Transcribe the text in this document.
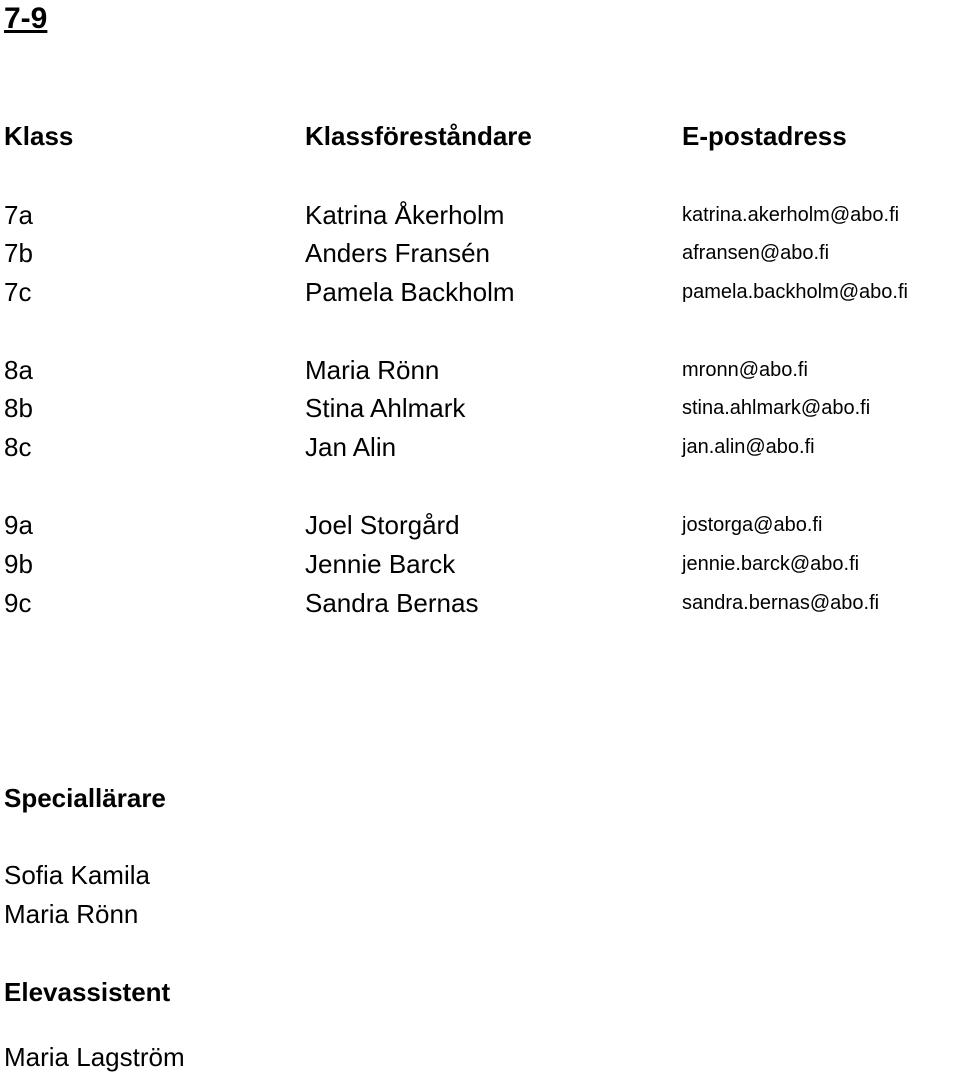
7-9
Klass	Klassföreståndare	E-postadress
7a	Katrina Åkerholm	katrina.akerholm@abo.fi
7b	Anders Fransén	afransen@abo.fi
7c	Pamela Backholm	pamela.backholm@abo.fi
8a	Maria Rönn	mronn@abo.fi
8b	Stina Ahlmark	stina.ahlmark@abo.fi
8c	Jan Alin	jan.alin@abo.fi
9a	Joel Storgård	jostorga@abo.fi
9b	Jennie Barck	jennie.barck@abo.fi
9c	Sandra Bernas	sandra.bernas@abo.fi
Speciallärare
Sofia Kamila
Maria Rönn
Elevassistent
Maria Lagström
